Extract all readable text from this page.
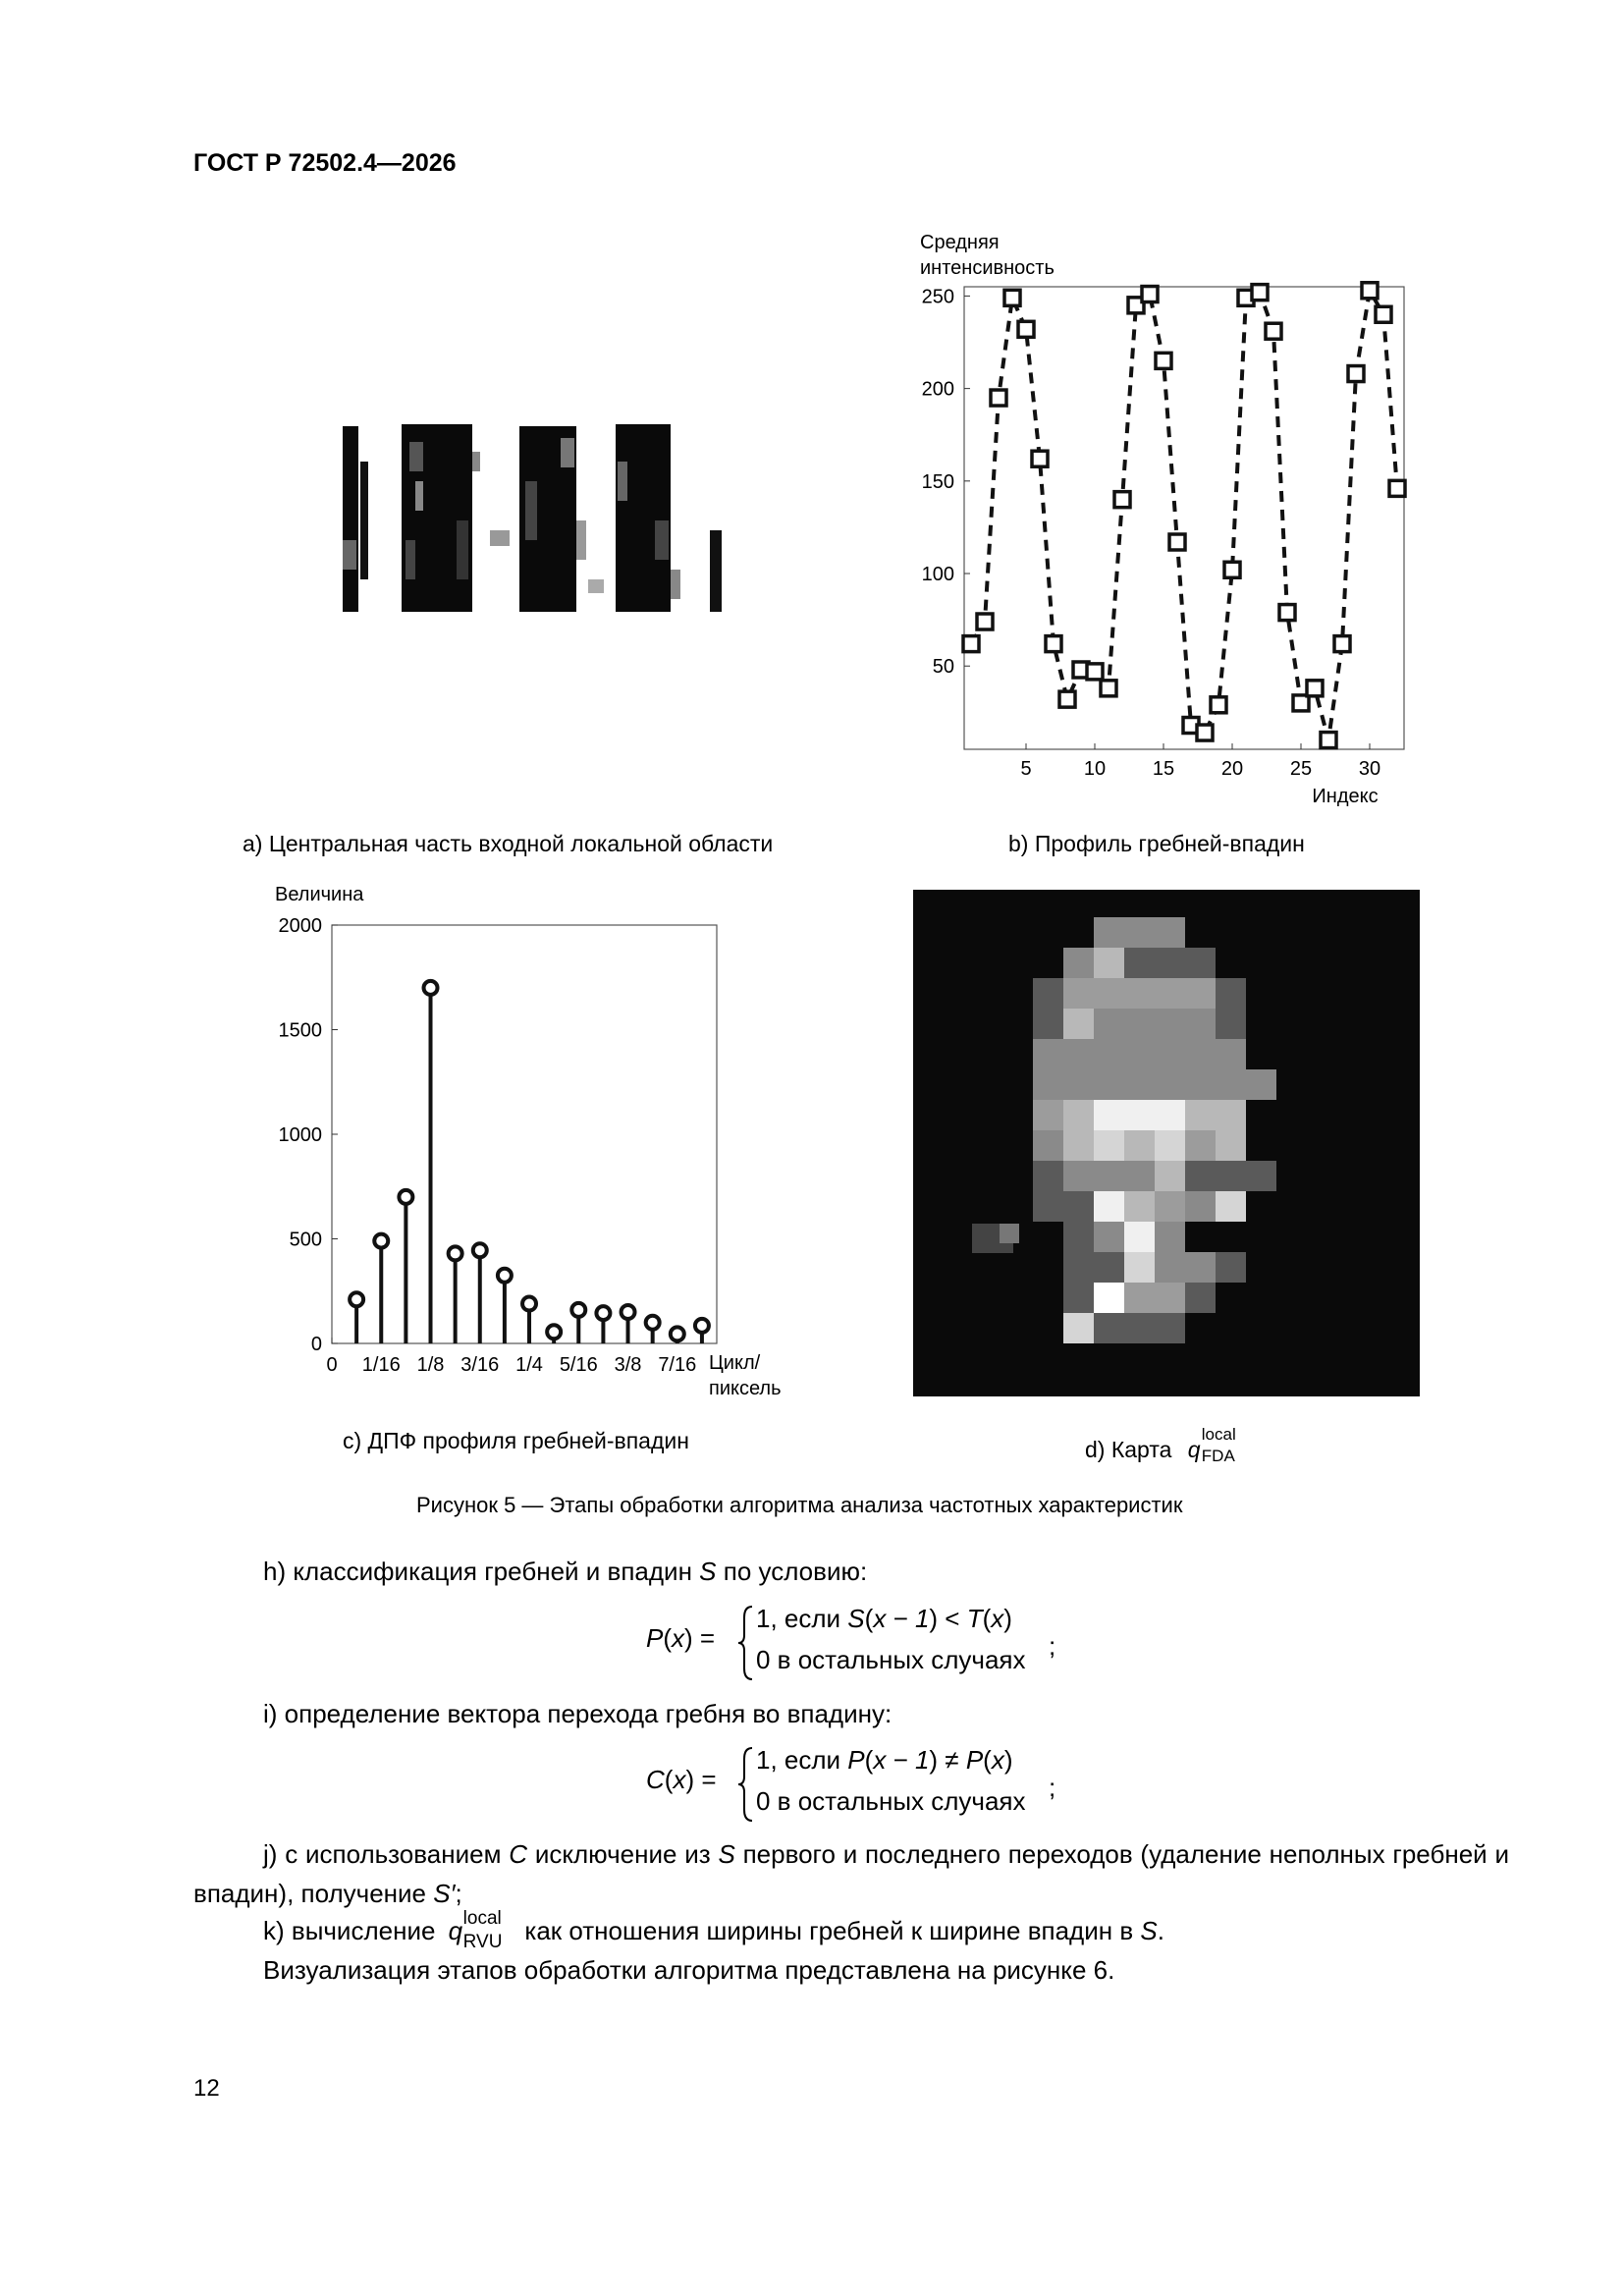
ГОСТ Р 72502.4—2026
a) Центральная часть входной локальной области
50
100
150
200
250
5	10 15 20 25 30
Средняя
интенсивность
Индекс
b) Профиль гребней-впадин
0
500
1000
1500
2000
0 1/16 1/8 3/16 1/4 5/16 3/8 7/16
Величина
Цикл/
пиксель
c) ДПФ профиля гребней-впадин	d) Карта q
local
FDA
Рисунок 5 — Этапы обработки алгоритма анализа частотных характеристик
h) классификация гребней и впадин S по условию:
P(x) =
1, если S(x − 1) < T(x)
0 в остальных случаях ;
i) определение вектора перехода гребня во впадину:
C(x) =
1, если P(x − 1) ≠ P(x)
0 в остальных случаях ;
j) с использованием C исключение из S первого и последнего переходов (удаление неполных гребней и впадин), получение S′;
k) вычисление q local
RVU как отношения ширины гребней к ширине впадин в S.
Визуализация этапов обработки алгоритма представлена на рисунке 6.
12
